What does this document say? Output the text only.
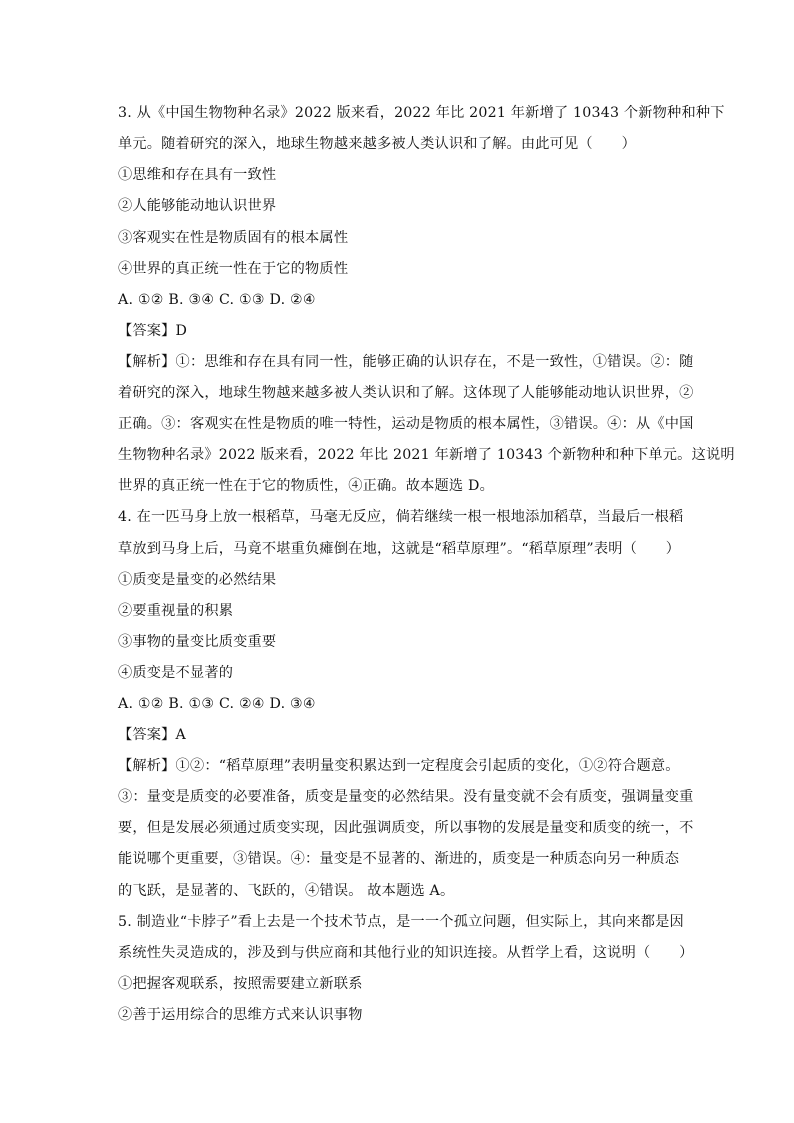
3. 从《中国生物物种名录》2022 版来看，2022 年比 2021 年新增了 10343 个新物种和种下
单元。随着研究的深入，地球生物越来越多被人类认识和了解。由此可见（　　）
①思维和存在具有一致性
②人能够能动地认识世界
③客观实在性是物质固有的根本属性
④世界的真正统一性在于它的物质性
A. ①② B. ③④ C. ①③ D. ②④
【答案】D
【解析】①：思维和存在具有同一性，能够正确的认识存在，不是一致性，①错误。②：随
着研究的深入，地球生物越来越多被人类认识和了解。这体现了人能够能动地认识世界，②
正确。③：客观实在性是物质的唯一特性，运动是物质的根本属性，③错误。④：从《中国
生物物种名录》2022 版来看，2022 年比 2021 年新增了 10343 个新物种和种下单元。这说明
世界的真正统一性在于它的物质性，④正确。故本题选 D。
4. 在一匹马身上放一根稻草，马毫无反应，倘若继续一根一根地添加稻草，当最后一根稻
草放到马身上后，马竟不堪重负瘫倒在地，这就是“稻草原理”。“稻草原理”表明（　　）
①质变是量变的必然结果
②要重视量的积累
③事物的量变比质变重要
④质变是不显著的
A. ①② B. ①③ C. ②④ D. ③④
【答案】A
【解析】①②：“稻草原理”表明量变积累达到一定程度会引起质的变化，①②符合题意。
③：量变是质变的必要准备，质变是量变的必然结果。没有量变就不会有质变，强调量变重
要，但是发展必须通过质变实现，因此强调质变，所以事物的发展是量变和质变的统一，不
能说哪个更重要，③错误。④：量变是不显著的、渐进的，质变是一种质态向另一种质态
的飞跃，是显著的、飞跃的，④错误。 故本题选 A。
5. 制造业“卡脖子”看上去是一个技术节点，是一一个孤立问题，但实际上，其向来都是因
系统性失灵造成的，涉及到与供应商和其他行业的知识连接。从哲学上看，这说明（　　）
①把握客观联系，按照需要建立新联系
②善于运用综合的思维方式来认识事物
